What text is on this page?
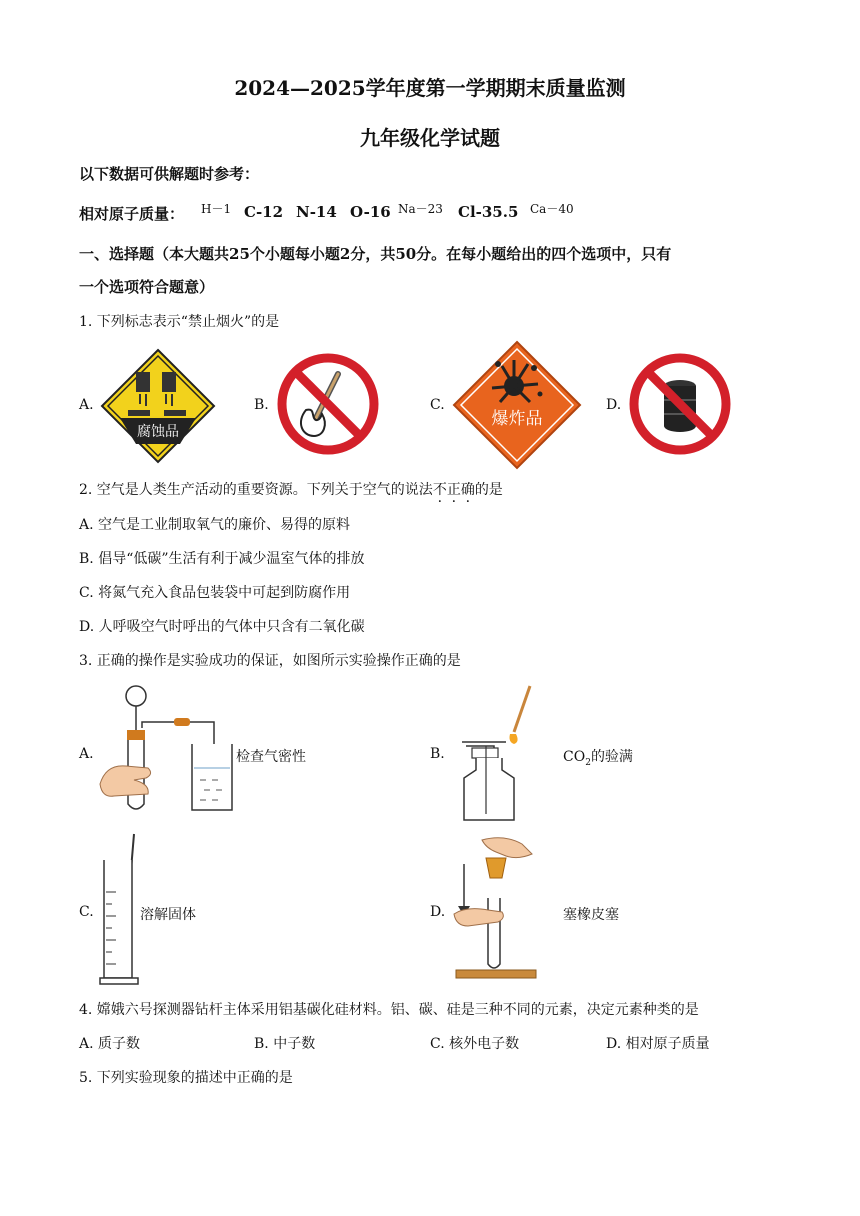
2024—2025学年度第一学期期末质量监测
九年级化学试题
以下数据可供解题时参考：
相对原子质量： H－1 C-12 N-14 O-16 Na－23 Cl-35.5 Ca－40
一、选择题（本大题共25个小题每小题2分，共50分。在每小题给出的四个选项中，只有
一个选项符合题意）
1. 下列标志表示“禁止烟火”的是
A.
腐蚀品
B.	C.
爆炸品
D.
2. 空气是人类生产活动的重要资源。下列关于空气的说法不正确的是
A. 空气是工业制取氧气的廉价、易得的原料
B. 倡导“低碳”生活有利于减少温室气体的排放
C. 将氮气充入食品包装袋中可起到防腐作用
D. 人呼吸空气时呼出的气体中只含有二氧化碳
3. 正确的操作是实验成功的保证，如图所示实验操作正确的是
A.	检查气密性	B.	$CO_2$的验满
C.	溶解固体	D.	塞橡皮塞
4. 嫦娥六号探测器钻杆主体采用铝基碳化硅材料。铝、碳、硅是三种不同的元素，决定元素种类的是
A. 质子数	B. 中子数	C. 核外电子数	D. 相对原子质量
5. 下列实验现象的描述中正确的是
